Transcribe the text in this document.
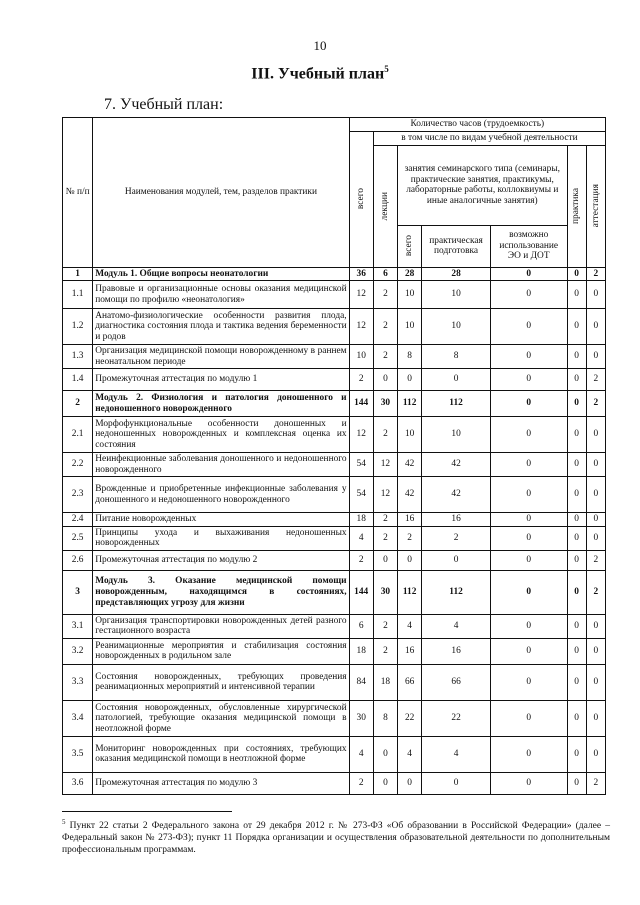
10
III. Учебный план$^5$
7. Учебный план:
№ п/п	Наименования модулей, тем, разделов практики	Количество часов (трудоемкость)						

		всего	в том числе по видам учебной деятельности					

			лекции	занятия семинарского типа (семинары, практические занятия, практикумы, лабораторные работы, коллоквиумы и иные аналогичные занятия)			практика	аттестация

				всего	практическая подготовка	возможно использование ЭО и ДОТ		
1	Модуль 1. Общие вопросы неонатологии	36	6	28	28	0	0	2
1.1	Правовые и организационные основы оказания медицинской помощи по профилю «неонатология»	12	2	10	10	0	0	0
1.2	Анатомо-физиологические особенности развития плода, диагностика состояния плода и тактика ведения беременности и родов	12	2	10	10	0	0	0
1.3	Организация медицинской помощи новорожденному в раннем неонатальном периоде	10	2	8	8	0	0	0
1.4	Промежуточная аттестация по модулю 1	2	0	0	0	0	0	2
2	Модуль 2. Физиология и патология доношенного и недоношенного новорожденного	144	30	112	112	0	0	2
2.1	Морфофункциональные особенности доношенных и недоношенных новорожденных и комплексная оценка их состояния	12	2	10	10	0	0	0
2.2	Неинфекционные заболевания доношенного и недоношенного новорожденного	54	12	42	42	0	0	0
2.3	Врожденные и приобретенные инфекционные заболевания у доношенного и недоношенного новорожденного	54	12	42	42	0	0	0
2.4	Питание новорожденных	18	2	16	16	0	0	0
2.5	Принципы ухода и выхаживания недоношенных новорожденных	4	2	2	2	0	0	0
2.6	Промежуточная аттестация по модулю 2	2	0	0	0	0	0	2
3	Модуль 3. Оказание медицинской помощи новорожденным, находящимся в состояниях, представляющих угрозу для жизни	144	30	112	112	0	0	2
3.1	Организация транспортировки новорожденных детей разного гестационного возраста	6	2	4	4	0	0	0
3.2	Реанимационные мероприятия и стабилизация состояния новорожденных в родильном зале	18	2	16	16	0	0	0
3.3	Состояния новорожденных, требующих проведения реанимационных мероприятий и интенсивной терапии	84	18	66	66	0	0	0
3.4	Состояния новорожденных, обусловленные хирургической патологией, требующие оказания медицинской помощи в неотложной форме	30	8	22	22	0	0	0
3.5	Мониторинг новорожденных при состояниях, требующих оказания медицинской помощи в неотложной форме	4	0	4	4	0	0	0
3.6	Промежуточная аттестация по модулю 3	2	0	0	0	0	0	2
$^5$ Пункт 22 статьи 2 Федерального закона от 29 декабря 2012 г. № 273-ФЗ «Об образовании в Российской Федерации» (далее – Федеральный закон № 273-ФЗ); пункт 11 Порядка организации и осуществления образовательной деятельности по дополнительным профессиональным программам.
